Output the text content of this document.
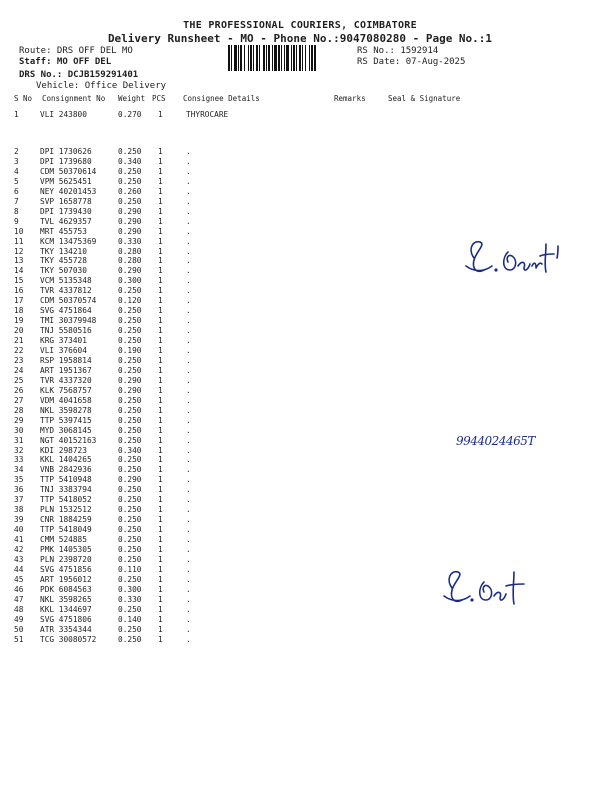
THE PROFESSIONAL COURIERS, COIMBATORE
Delivery Runsheet - MO - Phone No.:9047080280 - Page No.:1
Route: DRS OFF DEL MO
Staff: MO OFF DEL
DRS No.: DCJB159291401
Vehicle: Office Delivery
RS No.: 1592914
RS Date: 07-Aug-2025
S No Consignment No Weight PCS Consignee Details	Remarks	Seal & Signature
1	VLI 243800	0.270 1	THYROCARE
2	DPI 1730626	0.250 1	.
3	DPI 1739680	0.340 1	.
4	CDM 50370614	0.250 1	.
5	VPM 5625451	0.250 1	.
6	NEY 40201453	0.260 1	.
7	SVP 1658778	0.250 1	.
8	DPI 1739430	0.290 1	.
9	TVL 4629357	0.290 1	.
10 MRT 455753	0.290 1	.
11 KCM 13475369	0.330 1	.
12 TKY 134210	0.280 1	.
13 TKY 455728	0.280 1	.
14 TKY 507030	0.290 1	.
15 VCM 5135348	0.300 1	.
16 TVR 4337812	0.250 1	.
17 CDM 50370574	0.120 1	.
18 SVG 4751864	0.250 1	.
19 TMI 30379948	0.250 1	.
20 TNJ 5580516	0.250 1	.
21 KRG 373401	0.250 1	.
22 VLI 376604	0.190 1	.
23 RSP 1958814	0.250 1	.
24 ART 1951367	0.250 1	.
25 TVR 4337320	0.290 1	.
26 KLK 7568757	0.290 1	.
27 VDM 4041658	0.250 1	.
28 NKL 3598278	0.250 1	.
29 TTP 5397415	0.250 1	.
30 MYD 3068145	0.250 1	.
31 NGT 40152163	0.250 1	.
32 KDI 298723	0.340 1	.
33 KKL 1404265	0.250 1	.
34 VNB 2842936	0.250 1	.
35 TTP 5410948	0.290 1	.
36 TNJ 3383794	0.250 1	.
37 TTP 5418052	0.250 1	.
38 PLN 1532512	0.250 1	.
39 CNR 1884259	0.250 1	.
40 TTP 5418049	0.250 1	.
41 CMM 524885	0.250 1	.
42 PMK 1405305	0.250 1	.
43 PLN 2398720	0.250 1	.
44 SVG 4751856	0.110 1	.
45 ART 1956012	0.250 1	.
46 PDK 6084563	0.300 1	.
47 NKL 3598265	0.330 1	.
48 KKL 1344697	0.250 1	.
49 SVG 4751806	0.140 1	.
50 ATR 3354344	0.250 1	.
51 TCG 30080572	0.250 1	.
9944024465T
